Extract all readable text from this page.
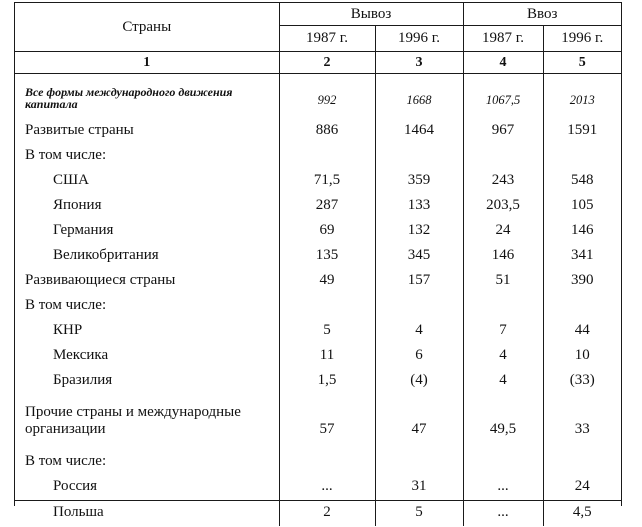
Страны	Вывоз		Ввоз	
	1987 г.	1996 г.	1987 г.	1996 г.
1	2	3	4	5
Все формы международного движения капитала	992	1668	1067,5	2013
Развитые страны	886	1464	967	1591
В том числе:				
США	71,5	359	243	548
Япония	287	133	203,5	105
Германия	69	132	24	146
Великобритания	135	345	146	341
Развивающиеся страны	49	157	51	390
В том числе:				
КНР	5	4	7	44
Мексика	11	6	4	10
Бразилия	1,5	(4)	4	(33)
Прочие страны и международные организации	57	47	49,5	33
В том числе:				
Россия	...	31	...	24
Польша	2	5	...	4,5
